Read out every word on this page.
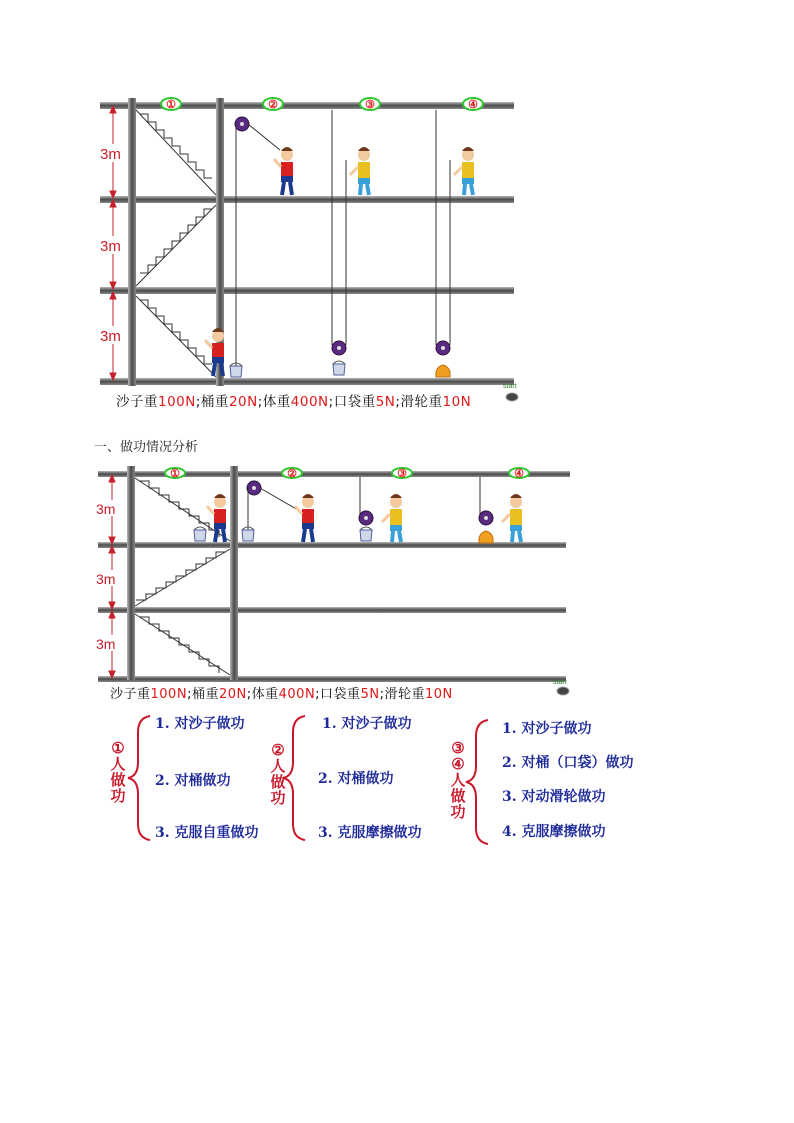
3m
3m
3m
①	②	③	④
start
沙子重100N;桶重20N;体重400N;口袋重5N;滑轮重10N
一、做功情况分析
3m
3m
3m
①	②	③	④
start
沙子重100N;桶重20N;体重400N;口袋重5N;滑轮重10N
①
人
做
功
1. 对沙子做功
2. 对桶做功
3. 克服自重做功
②
人
做
功
1. 对沙子做功
2. 对桶做功
3. 克服摩擦做功
③
④
人
做
功
1. 对沙子做功
2. 对桶（口袋）做功
3. 对动滑轮做功
4. 克服摩擦做功
